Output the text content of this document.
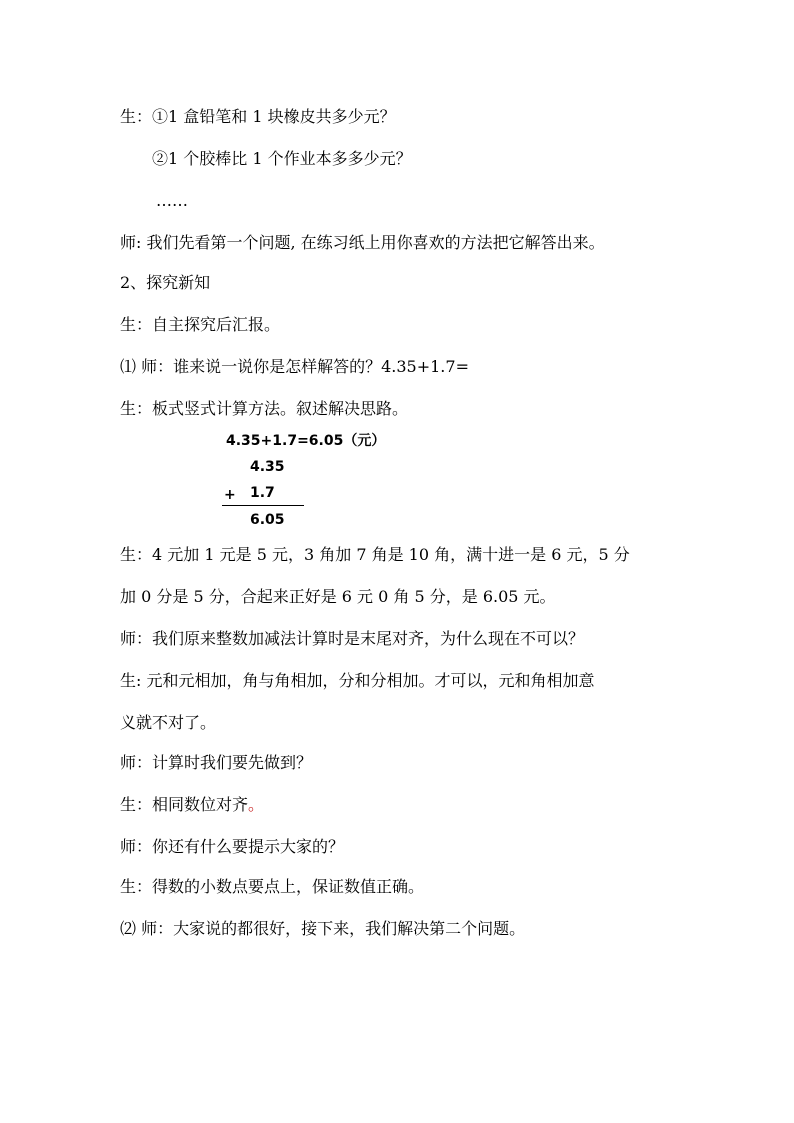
生：①1 盒铅笔和 1 块橡皮共多少元？
②1 个胶棒比 1 个作业本多多少元？
……
师: 我们先看第一个问题, 在练习纸上用你喜欢的方法把它解答出来。
2、探究新知
生：自主探究后汇报。
⑴ 师：谁来说一说你是怎样解答的？4.35+1.7=
生：板式竖式计算方法。叙述解决思路。
4.35+1.7=6.05（元）
4.35
+ 1.7
6.05
生：4 元加 1 元是 5 元，3 角加 7 角是 10 角，满十进一是 6 元，5 分
加 0 分是 5 分，合起来正好是 6 元 0 角 5 分，是 6.05 元。
师：我们原来整数加减法计算时是末尾对齐，为什么现在不可以？
生: 元和元相加，角与角相加，分和分相加。才可以，元和角相加意
义就不对了。
师：计算时我们要先做到？
生：相同数位对齐。
师：你还有什么要提示大家的？
生：得数的小数点要点上，保证数值正确。
⑵ 师：大家说的都很好，接下来，我们解决第二个问题。
